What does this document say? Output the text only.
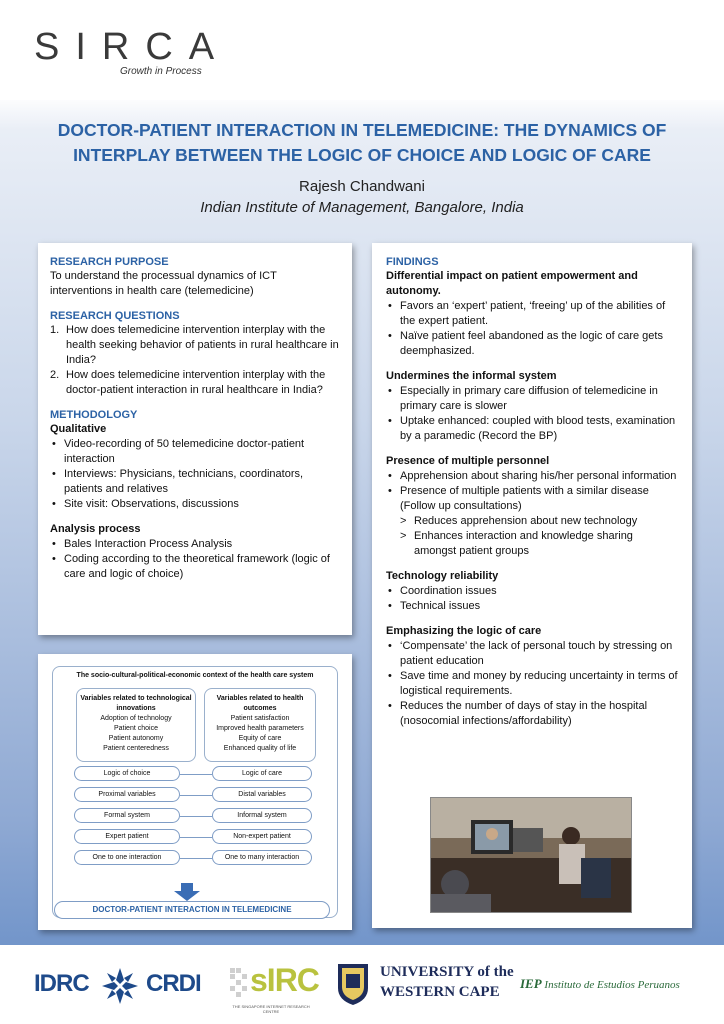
SIRCA
Growth in Process
DOCTOR-PATIENT INTERACTION IN TELEMEDICINE: THE DYNAMICS OF INTERPLAY BETWEEN THE LOGIC OF CHOICE AND LOGIC OF CARE
Rajesh Chandwani
Indian Institute of Management, Bangalore, India

RESEARCH PURPOSE

To understand the processual dynamics of ICT interventions in health care (telemedicine)

RESEARCH QUESTIONS

1. How does telemedicine intervention interplay with the health seeking behavior of patients in rural healthcare in India?
2. How does telemedicine intervention interplay with the doctor-patient interaction in rural healthcare in India?

METHODOLOGY

Qualitative

• Video-recording of 50 telemedicine doctor-patient interaction
• Interviews: Physicians, technicians, coordinators, patients and relatives
• Site visit: Observations, discussions

Analysis process

• Bales Interaction Process Analysis
• Coding according to the theoretical framework (logic of care and logic of choice)
The socio-cultural-political-economic context of the health care system
Variables related to technological innovations
Adoption of technology
Patient choice
Patient autonomy
Patient centeredness
Variables related to health outcomes
Patient satisfaction
Improved health parameters
Equity of care
Enhanced quality of life
Logic of choice	Logic of care
Proximal variables	Distal variables
Formal system	Informal system
Expert patient	Non-expert patient
One to one interaction	One to many interaction
DOCTOR-PATIENT INTERACTION IN TELEMEDICINE

FINDINGS

Differential impact on patient empowerment and autonomy.

• Favors an ‘expert’ patient, ‘freeing’ up of the abilities of the expert patient.
• Naïve patient feel abandoned as the logic of care gets deemphasized.

Undermines the informal system

• Especially in primary care diffusion of telemedicine in primary care is slower
• Uptake enhanced: coupled with blood tests, examination by a paramedic (Record the BP)

Presence of multiple personnel

• Apprehension about sharing his/her personal information
• Presence of multiple patients with a similar disease (Follow up consultations)
> Reduces apprehension about new technology
> Enhances interaction and knowledge sharing amongst patient groups

Technology reliability

• Coordination issues
• Technical issues

Emphasizing the logic of care

• ‘Compensate’ the lack of personal touch by stressing on patient education
• Save time and money by reducing uncertainty in terms of logistical requirements.
• Reduces the number of days of stay in the hospital (nosocomial infections/affordability)
IDRC CRDI sIRC
THE SINGAPORE INTERNET RESEARCH CENTRE
UNIVERSITY of the
WESTERN CAPE
IEP Instituto de Estudios Peruanos
